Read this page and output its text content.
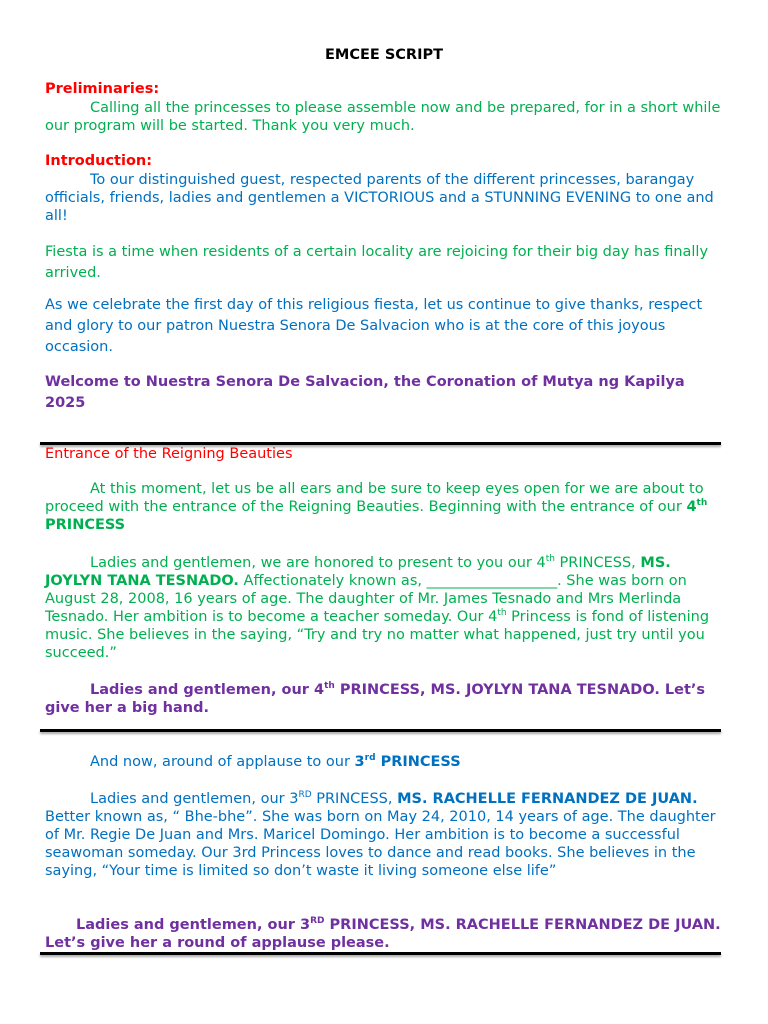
EMCEE SCRIPT
Preliminaries:

Calling all the princesses to please assemble now and be prepared, for in a short while our program will be started. Thank you very much.

Introduction:

To our distinguished guest, respected parents of the different princesses, barangay officials, friends, ladies and gentlemen a VICTORIOUS and a STUNNING EVENING to one and all!

Fiesta is a time when residents of a certain locality are rejoicing for their big day has finally arrived.

As we celebrate the first day of this religious fiesta, let us continue to give thanks, respect and glory to our patron Nuestra Senora De Salvacion who is at the core of this joyous occasion.

Welcome to Nuestra Senora De Salvacion, the Coronation of Mutya ng Kapilya 2025

Entrance of the Reigning Beauties

At this moment, let us be all ears and be sure to keep eyes open for we are about to proceed with the entrance of the Reigning Beauties. Beginning with the entrance of our 4th PRINCESS

Ladies and gentlemen, we are honored to present to you our 4th PRINCESS, MS. JOYLYN TANA TESNADO. Affectionately known as, __________________. She was born on August 28, 2008, 16 years of age. The daughter of Mr. James Tesnado and Mrs Merlinda Tesnado. Her ambition is to become a teacher someday. Our 4th Princess is fond of listening music. She believes in the saying, “Try and try no matter what happened, just try until you succeed.”

Ladies and gentlemen, our 4th PRINCESS, MS. JOYLYN TANA TESNADO. Let’s give her a big hand.

And now, around of applause to our 3rd PRINCESS

Ladies and gentlemen, our 3RD PRINCESS, MS. RACHELLE FERNANDEZ DE JUAN. Better known as, “ Bhe-bhe”. She was born on May 24, 2010, 14 years of age. The daughter of Mr. Regie De Juan and Mrs. Maricel Domingo. Her ambition is to become a successful seawoman someday. Our 3rd Princess loves to dance and read books. She believes in the saying, “Your time is limited so don’t waste it living someone else life”

Ladies and gentlemen, our 3RD PRINCESS, MS. RACHELLE FERNANDEZ DE JUAN. Let’s give her a round of applause please.
